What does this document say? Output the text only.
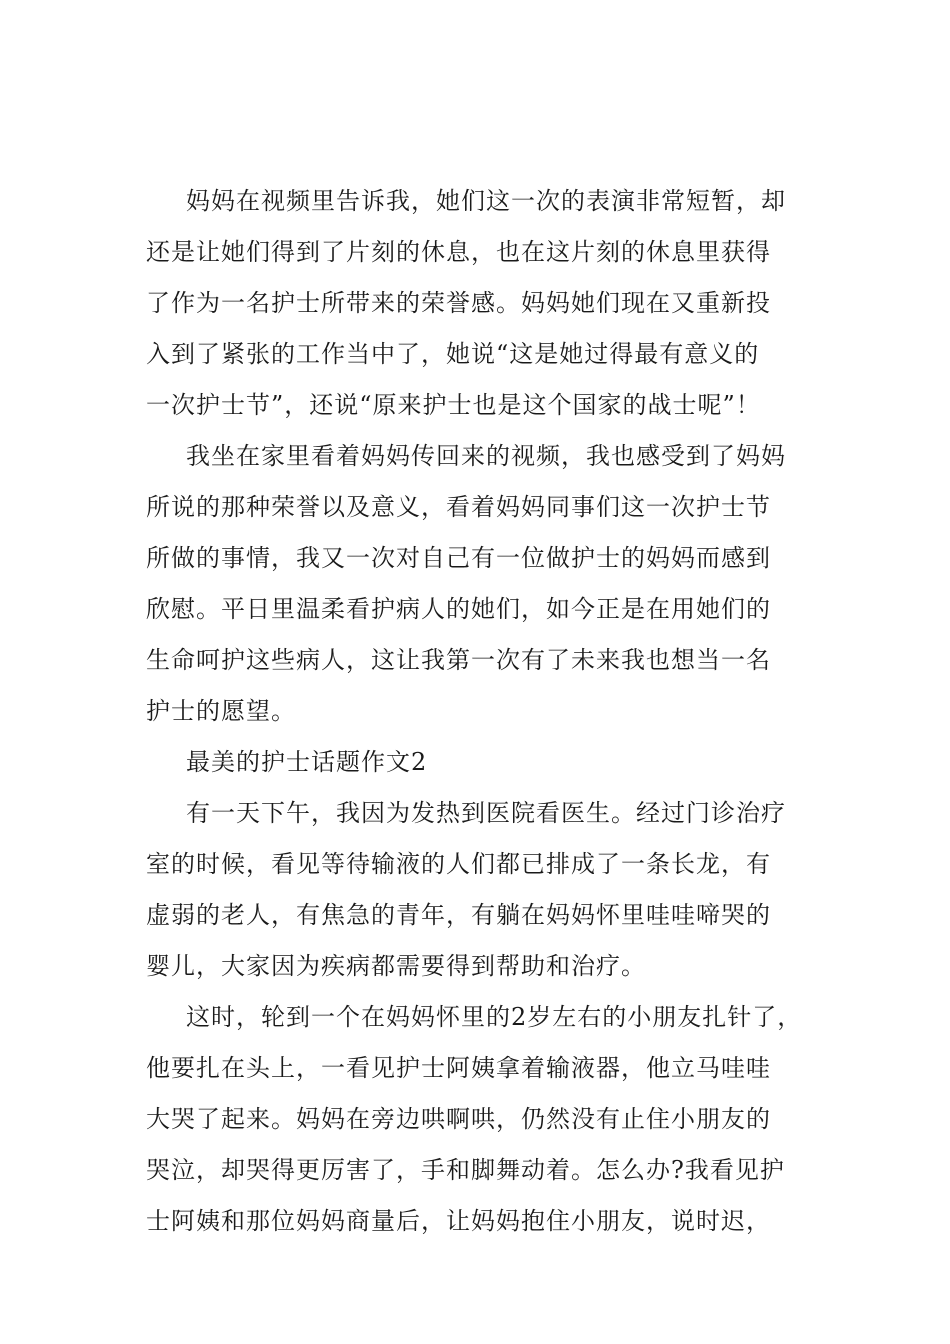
妈妈在视频里告诉我，她们这一次的表演非常短暂，却
还是让她们得到了片刻的休息，也在这片刻的休息里获得
了作为一名护士所带来的荣誉感。妈妈她们现在又重新投
入到了紧张的工作当中了，她说“这是她过得最有意义的
一次护士节”，还说“原来护士也是这个国家的战士呢”！
我坐在家里看着妈妈传回来的视频，我也感受到了妈妈
所说的那种荣誉以及意义，看着妈妈同事们这一次护士节
所做的事情，我又一次对自己有一位做护士的妈妈而感到
欣慰。平日里温柔看护病人的她们，如今正是在用她们的
生命呵护这些病人，这让我第一次有了未来我也想当一名
护士的愿望。
最美的护士话题作文2
有一天下午，我因为发热到医院看医生。经过门诊治疗
室的时候，看见等待输液的人们都已排成了一条长龙，有
虚弱的老人，有焦急的青年，有躺在妈妈怀里哇哇啼哭的
婴儿，大家因为疾病都需要得到帮助和治疗。
这时，轮到一个在妈妈怀里的2岁左右的小朋友扎针了，
他要扎在头上，一看见护士阿姨拿着输液器，他立马哇哇
大哭了起来。妈妈在旁边哄啊哄，仍然没有止住小朋友的
哭泣，却哭得更厉害了，手和脚舞动着。怎么办?我看见护
士阿姨和那位妈妈商量后，让妈妈抱住小朋友，说时迟，
